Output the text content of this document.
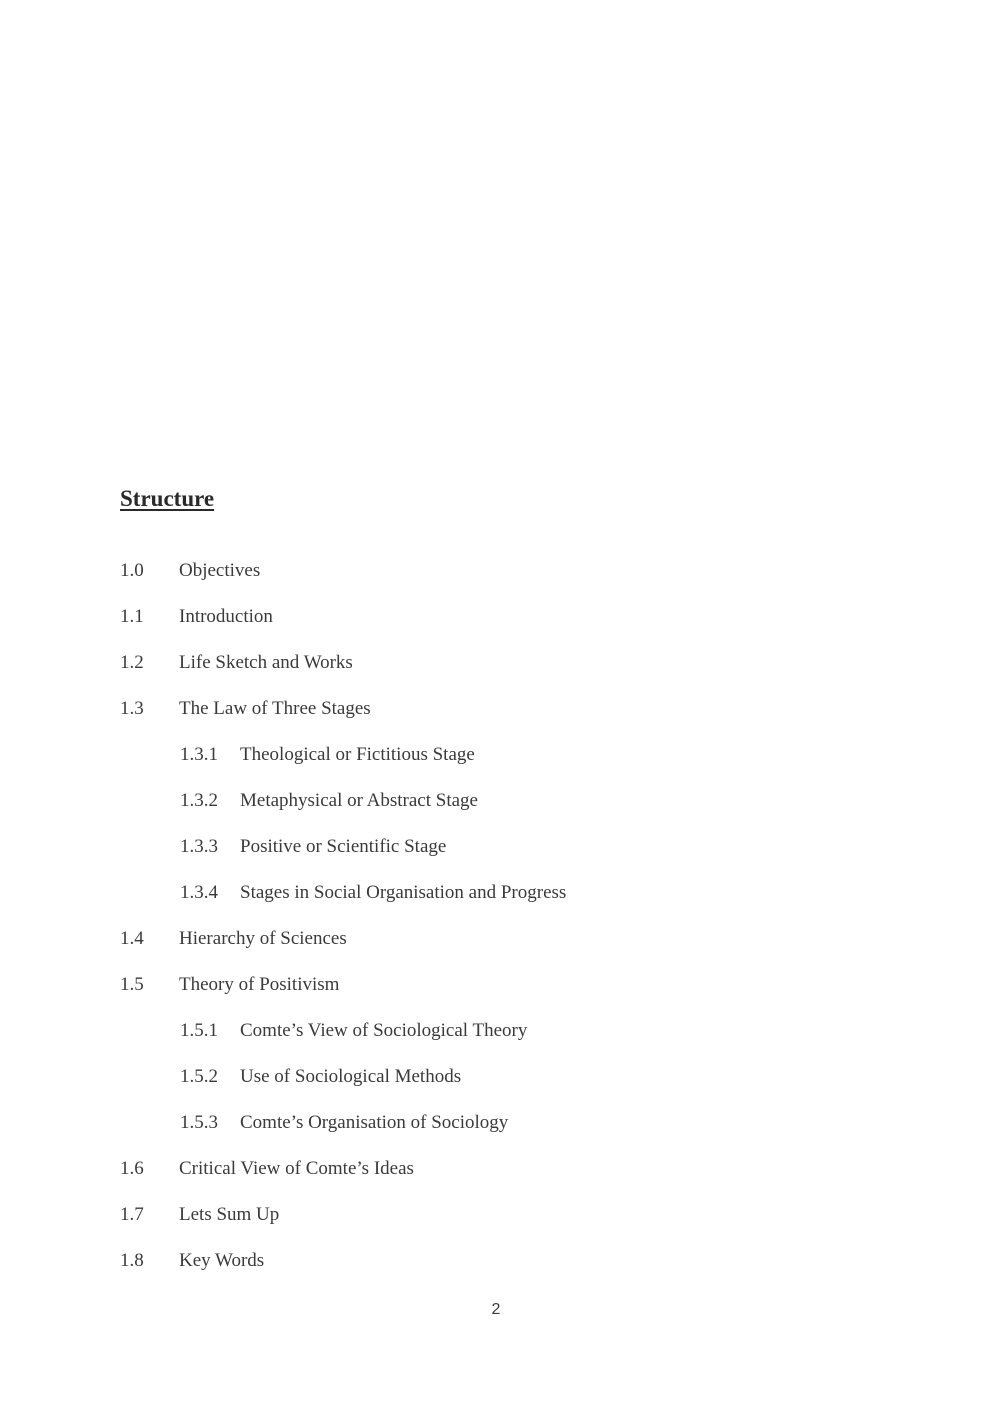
Structure
1.0 Objectives
1.1 Introduction
1.2 Life Sketch and Works
1.3 The Law of Three Stages
1.3.1 Theological or Fictitious Stage
1.3.2 Metaphysical or Abstract Stage
1.3.3 Positive or Scientific Stage
1.3.4 Stages in Social Organisation and Progress
1.4 Hierarchy of Sciences
1.5 Theory of Positivism
1.5.1 Comte’s View of Sociological Theory
1.5.2 Use of Sociological Methods
1.5.3 Comte’s Organisation of Sociology
1.6 Critical View of Comte’s Ideas
1.7 Lets Sum Up
1.8 Key Words
2
